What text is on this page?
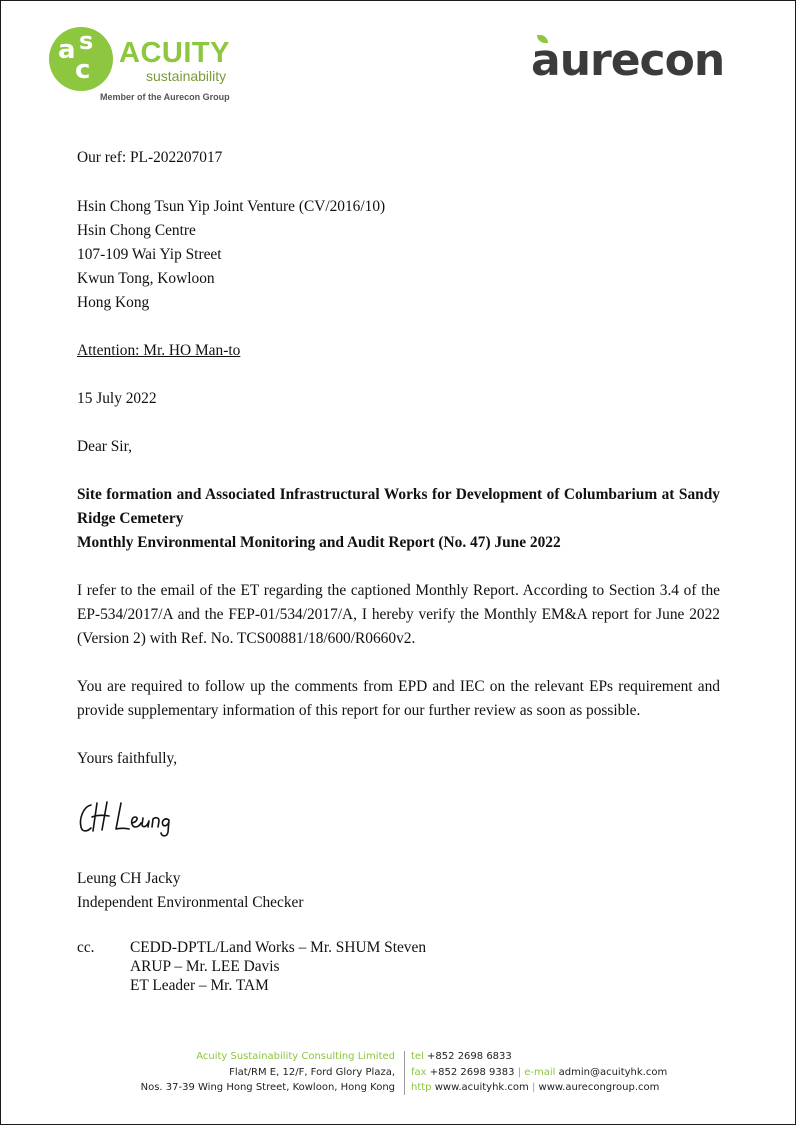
a s
c
ACUITY
sustainability
Member of the Aurecon Group
aurecon
Our ref: PL-202207017
Hsin Chong Tsun Yip Joint Venture (CV/2016/10)
Hsin Chong Centre
107-109 Wai Yip Street
Kwun Tong, Kowloon
Hong Kong
Attention: Mr. HO Man-to
15 July 2022
Dear Sir,
Site formation and Associated Infrastructural Works for Development of Columbarium at Sandy Ridge Cemetery
Monthly Environmental Monitoring and Audit Report (No. 47) June 2022
I refer to the email of the ET regarding the captioned Monthly Report. According to Section 3.4 of the EP-534/2017/A and the FEP-01/534/2017/A, I hereby verify the Monthly EM&A report for June 2022 (Version 2) with Ref. No. TCS00881/18/600/R0660v2.
You are required to follow up the comments from EPD and IEC on the relevant EPs requirement and provide supplementary information of this report for our further review as soon as possible.
Yours faithfully,
Leung CH Jacky
Independent Environmental Checker
cc. CEDD-DPTL/Land Works – Mr. SHUM Steven
ARUP – Mr. LEE Davis
ET Leader – Mr. TAM
Acuity Sustainability Consulting Limited
Flat/RM E, 12/F, Ford Glory Plaza,
Nos. 37-39 Wing Hong Street, Kowloon, Hong Kong
tel +852 2698 6833
fax +852 2698 9383 | e-mail admin@acuityhk.com
http www.acuityhk.com | www.aurecongroup.com
